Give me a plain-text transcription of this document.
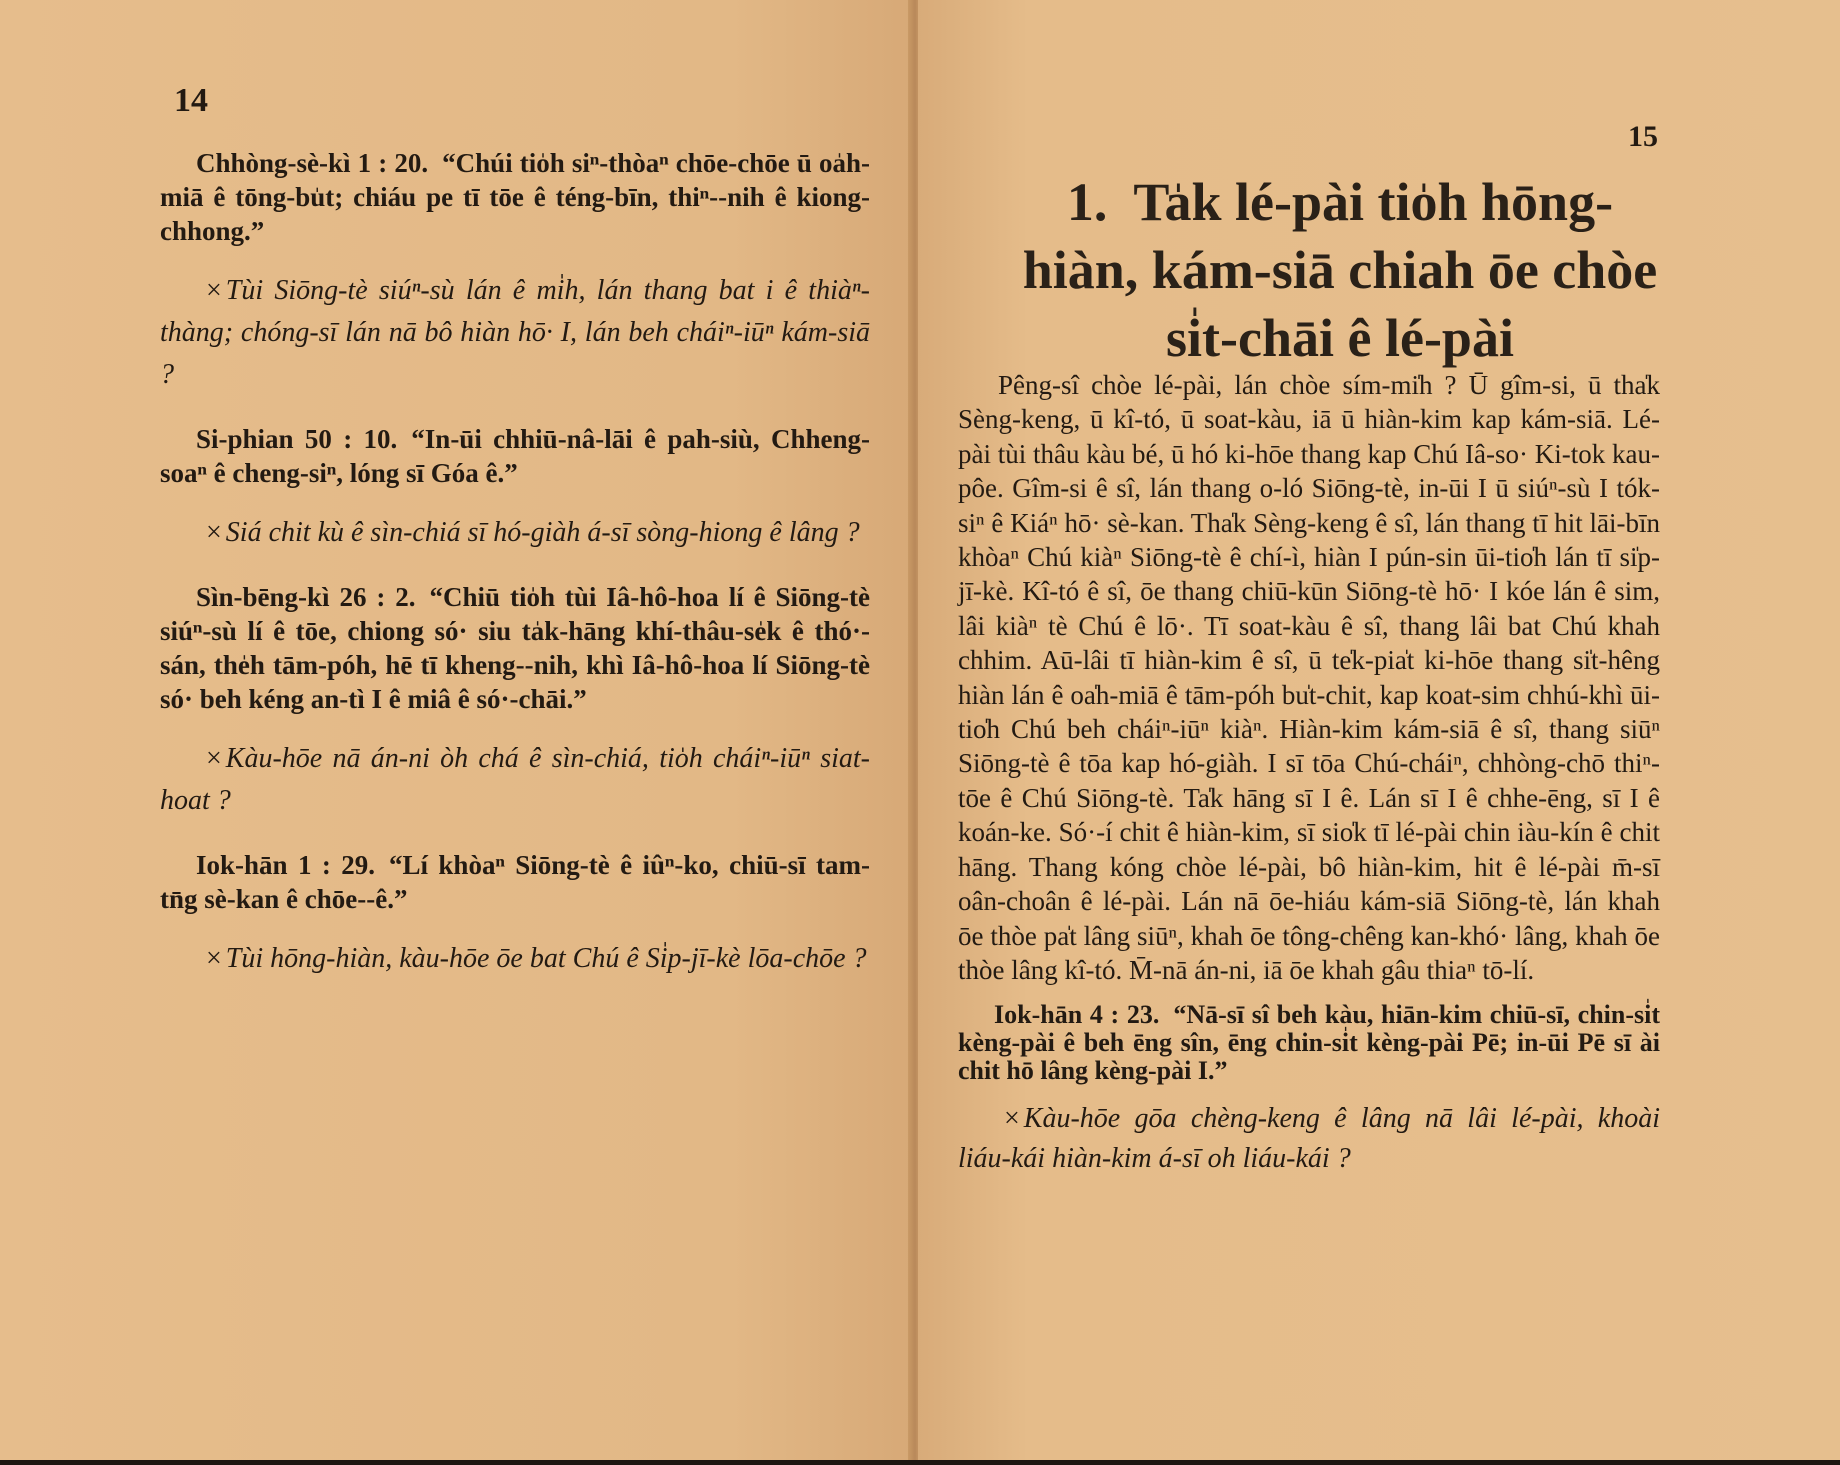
14

Chhòng-sè-kì 1 : 20. “Chúi tio̍h siⁿ-thòaⁿ chōe-chōe ū oa̍h-miā ê tōng-bu̍t; chiáu pe tī tōe ê téng-bīn, thiⁿ--nih ê kiong-chhong.”

× Tùi Siōng-tè siúⁿ-sù lán ê mi̍h, lán thang bat i ê thiàⁿ-thàng; chóng-sī lán nā bô hiàn hō· I, lán beh cháiⁿ-iūⁿ kám-siā ?

Si-phian 50 : 10. “In-ūi chhiū-nâ-lāi ê pah-siù, Chheng-soaⁿ ê cheng-siⁿ, lóng sī Góa ê.”

× Siá chit kù ê sìn-chiá sī hó-giàh á-sī sòng-hiong ê lâng ?

Sìn-bēng-kì 26 : 2. “Chiū tio̍h tùi Iâ-hô-hoa lí ê Siōng-tè siúⁿ-sù lí ê tōe, chiong só· siu ta̍k-hāng khí-thâu-se̍k ê thó·-sán, the̍h tām-póh, hē tī kheng--nih, khì Iâ-hô-hoa lí Siōng-tè só· beh kéng an-tì I ê miâ ê só·-chāi.”

× Kàu-hōe nā án-ni òh chá ê sìn-chiá, tio̍h cháiⁿ-iūⁿ siat-hoat ?

Iok-hān 1 : 29. “Lí khòaⁿ Siōng-tè ê iûⁿ-ko, chiū-sī tam-tn̄g sè-kan ê chōe--ê.”

× Tùi hōng-hiàn, kàu-hōe ōe bat Chú ê Si̍p-jī-kè lōa-chōe ?

15
1. Ta̍k lé-pài tio̍h hōng-hiàn, kám-siā chiah ōe chòe si̍t-chāi ê lé-pài

Pêng-sî chòe lé-pài, lán chòe sím-mi̍h ? Ū gîm-si, ū tha̍k Sèng-keng, ū kî-tó, ū soat-kàu, iā ū hiàn-kim kap kám-siā. Lé-pài tùi thâu kàu bé, ū hó ki-hōe thang kap Chú Iâ-so· Ki-tok kau-pôe. Gîm-si ê sî, lán thang o-ló Siōng-tè, in-ūi I ū siúⁿ-sù I tók-siⁿ ê Kiáⁿ hō· sè-kan. Tha̍k Sèng-keng ê sî, lán thang tī hit lāi-bīn khòaⁿ Chú kiàⁿ Siōng-tè ê chí-ì, hiàn I pún-sin ūi-tio̍h lán tī si̍p-jī-kè. Kî-tó ê sî, ōe thang chiū-kūn Siōng-tè hō· I kóe lán ê sim, lâi kiàⁿ tè Chú ê lō·. Tī soat-kàu ê sî, thang lâi bat Chú khah chhim. Aū-lâi tī hiàn-kim ê sî, ū te̍k-pia̍t ki-hōe thang si̍t-hêng hiàn lán ê oa̍h-miā ê tām-póh bu̍t-chit, kap koat-sim chhú-khì ūi-tio̍h Chú beh cháiⁿ-iūⁿ kiàⁿ. Hiàn-kim kám-siā ê sî, thang siūⁿ Siōng-tè ê tōa kap hó-giàh. I sī tōa Chú-cháiⁿ, chhòng-chō thiⁿ-tōe ê Chú Siōng-tè. Ta̍k hāng sī I ê. Lán sī I ê chhe-ēng, sī I ê koán-ke. Só·-í chit ê hiàn-kim, sī sio̍k tī lé-pài chin iàu-kín ê chit hāng. Thang kóng chòe lé-pài, bô hiàn-kim, hit ê lé-pài m̄-sī oân-choân ê lé-pài. Lán nā ōe-hiáu kám-siā Siōng-tè, lán khah ōe thòe pa̍t lâng siūⁿ, khah ōe tông-chêng kan-khó· lâng, khah ōe thòe lâng kî-tó. M̄-nā án-ni, iā ōe khah gâu thiaⁿ tō-lí.

Iok-hān 4 : 23. “Nā-sī sî beh kàu, hiān-kim chiū-sī, chin-si̍t kèng-pài ê beh ēng sîn, ēng chin-si̍t kèng-pài Pē; in-ūi Pē sī ài chit hō lâng kèng-pài I.”

× Kàu-hōe gōa chèng-keng ê lâng nā lâi lé-pài, khoài liáu-kái hiàn-kim á-sī oh liáu-kái ?
